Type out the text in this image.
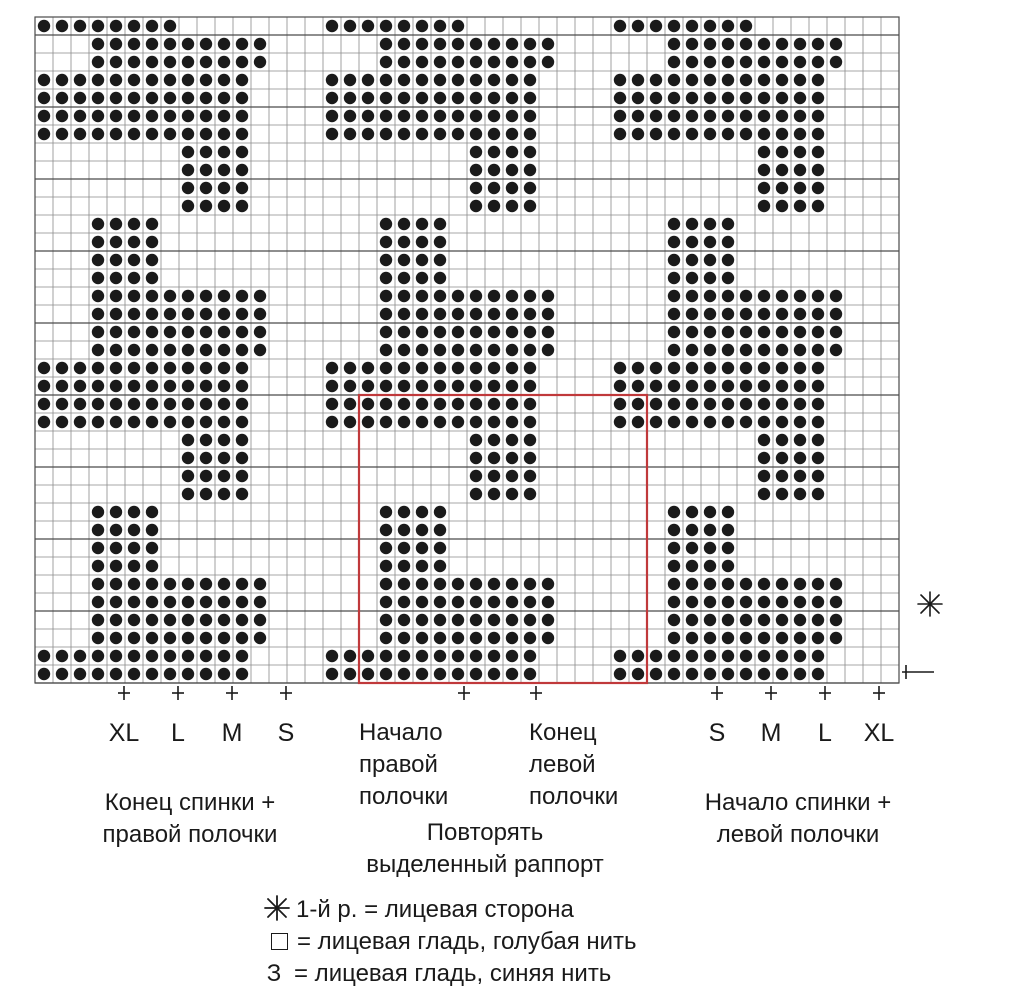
XL	L	M	S	S	M	L	XL
Начало
правой
полочки
Конец
левой
полочки
Повторять
выделенный раппорт
Конец спинки +
правой полочки
Начало спинки +
левой полочки
1-й р. = лицевая сторона
= лицевая гладь, голубая нить
З = лицевая гладь, синяя нить
